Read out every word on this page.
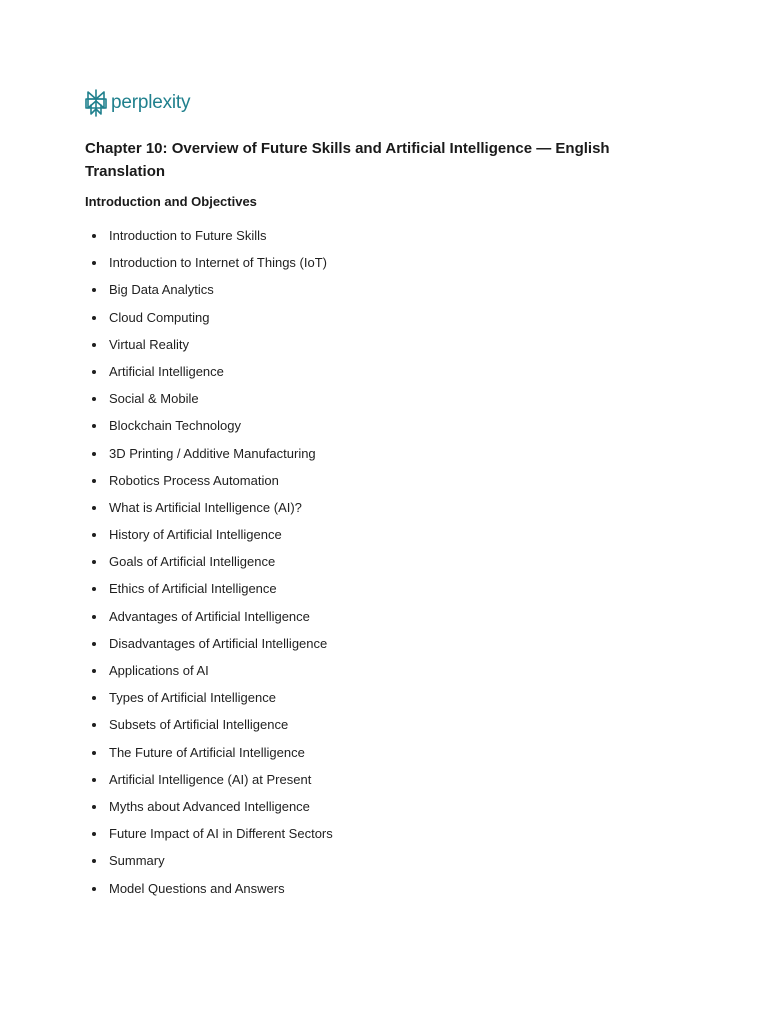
perplexity
Chapter 10: Overview of Future Skills and Artificial Intelligence — English Translation
Introduction and Objectives
Introduction to Future Skills
Introduction to Internet of Things (IoT)
Big Data Analytics
Cloud Computing
Virtual Reality
Artificial Intelligence
Social & Mobile
Blockchain Technology
3D Printing / Additive Manufacturing
Robotics Process Automation
What is Artificial Intelligence (AI)?
History of Artificial Intelligence
Goals of Artificial Intelligence
Ethics of Artificial Intelligence
Advantages of Artificial Intelligence
Disadvantages of Artificial Intelligence
Applications of AI
Types of Artificial Intelligence
Subsets of Artificial Intelligence
The Future of Artificial Intelligence
Artificial Intelligence (AI) at Present
Myths about Advanced Intelligence
Future Impact of AI in Different Sectors
Summary
Model Questions and Answers
